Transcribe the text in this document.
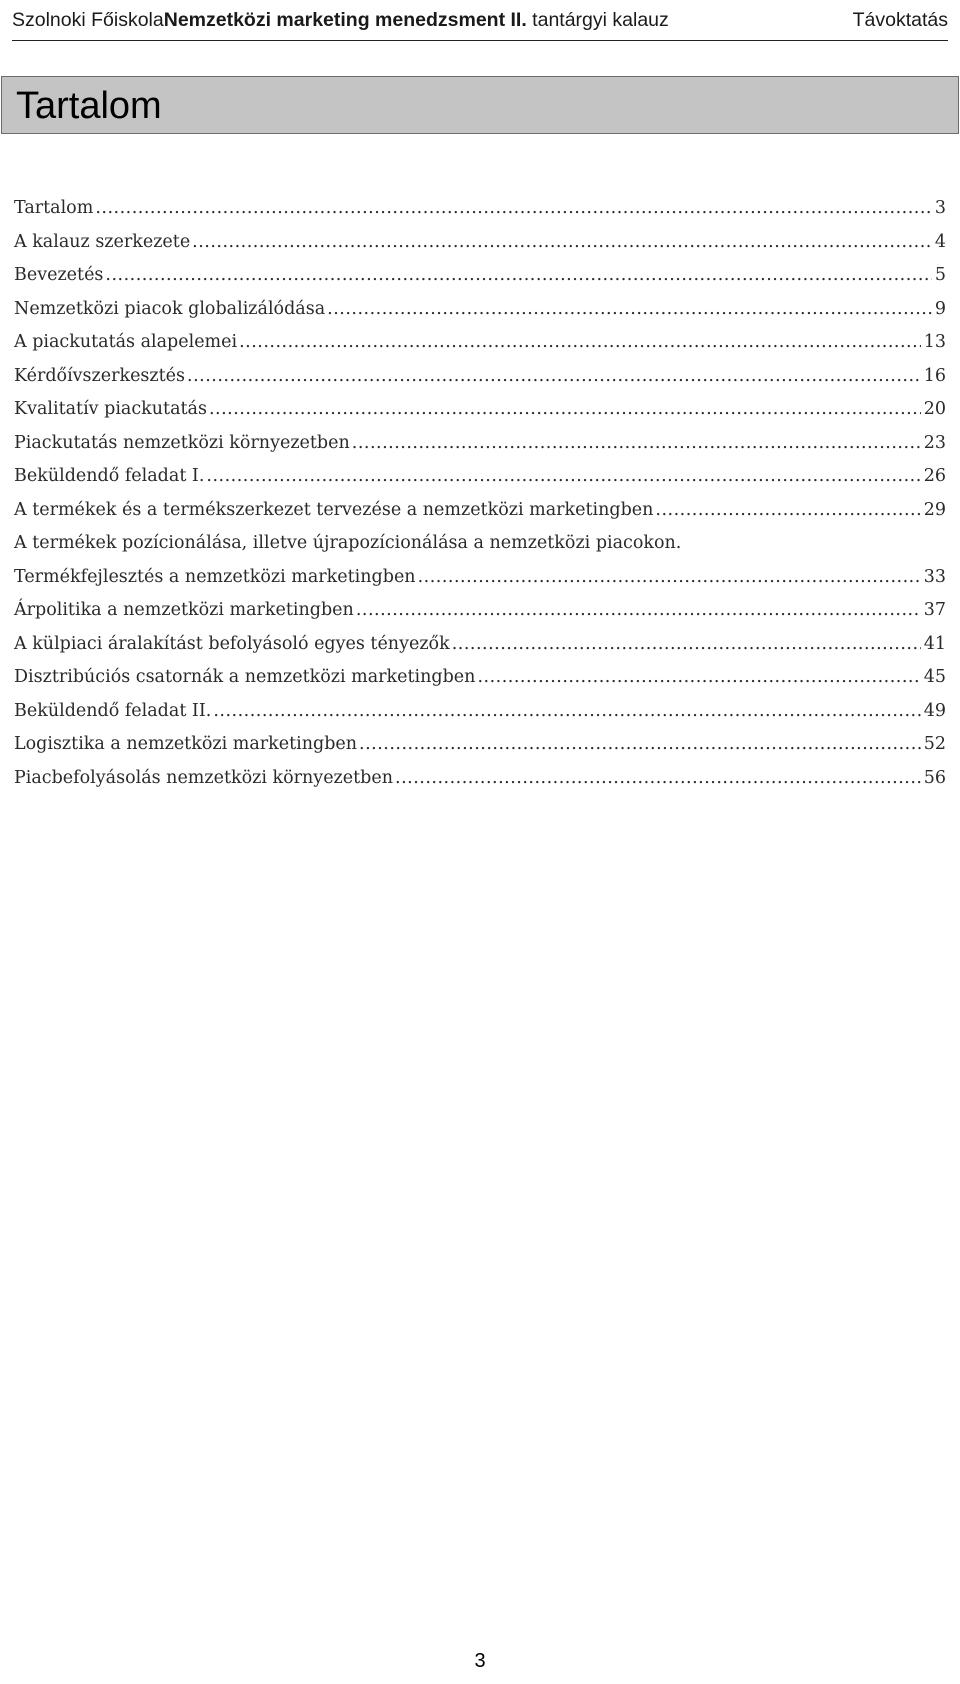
Szolnoki Főiskola Nemzetközi marketing menedzsment II. tantárgyi kalauz	Távoktatás
Tartalom
Tartalom .....	3
A kalauz szerkezete .....	4
Bevezetés .....	5
Nemzetközi piacok globalizálódása .....	9
A piackutatás alapelemei .....	13
Kérdőívszerkesztés .....	16
Kvalitatív piackutatás .....	20
Piackutatás nemzetközi környezetben .....	23
Beküldendő feladat I. .....	26
A termékek és a termékszerkezet tervezése a nemzetközi marketingben .....	29
A termékek pozícionálása, illetve újrapozícionálása a nemzetközi piacokon.
Termékfejlesztés a nemzetközi marketingben .....	33
Árpolitika a nemzetközi marketingben .....	37
A külpiaci áralakítást befolyásoló egyes tényezők .....	41
Disztribúciós csatornák a nemzetközi marketingben .....	45
Beküldendő feladat II. .....	49
Logisztika a nemzetközi marketingben .....	52
Piacbefolyásolás nemzetközi környezetben .....	56
3
